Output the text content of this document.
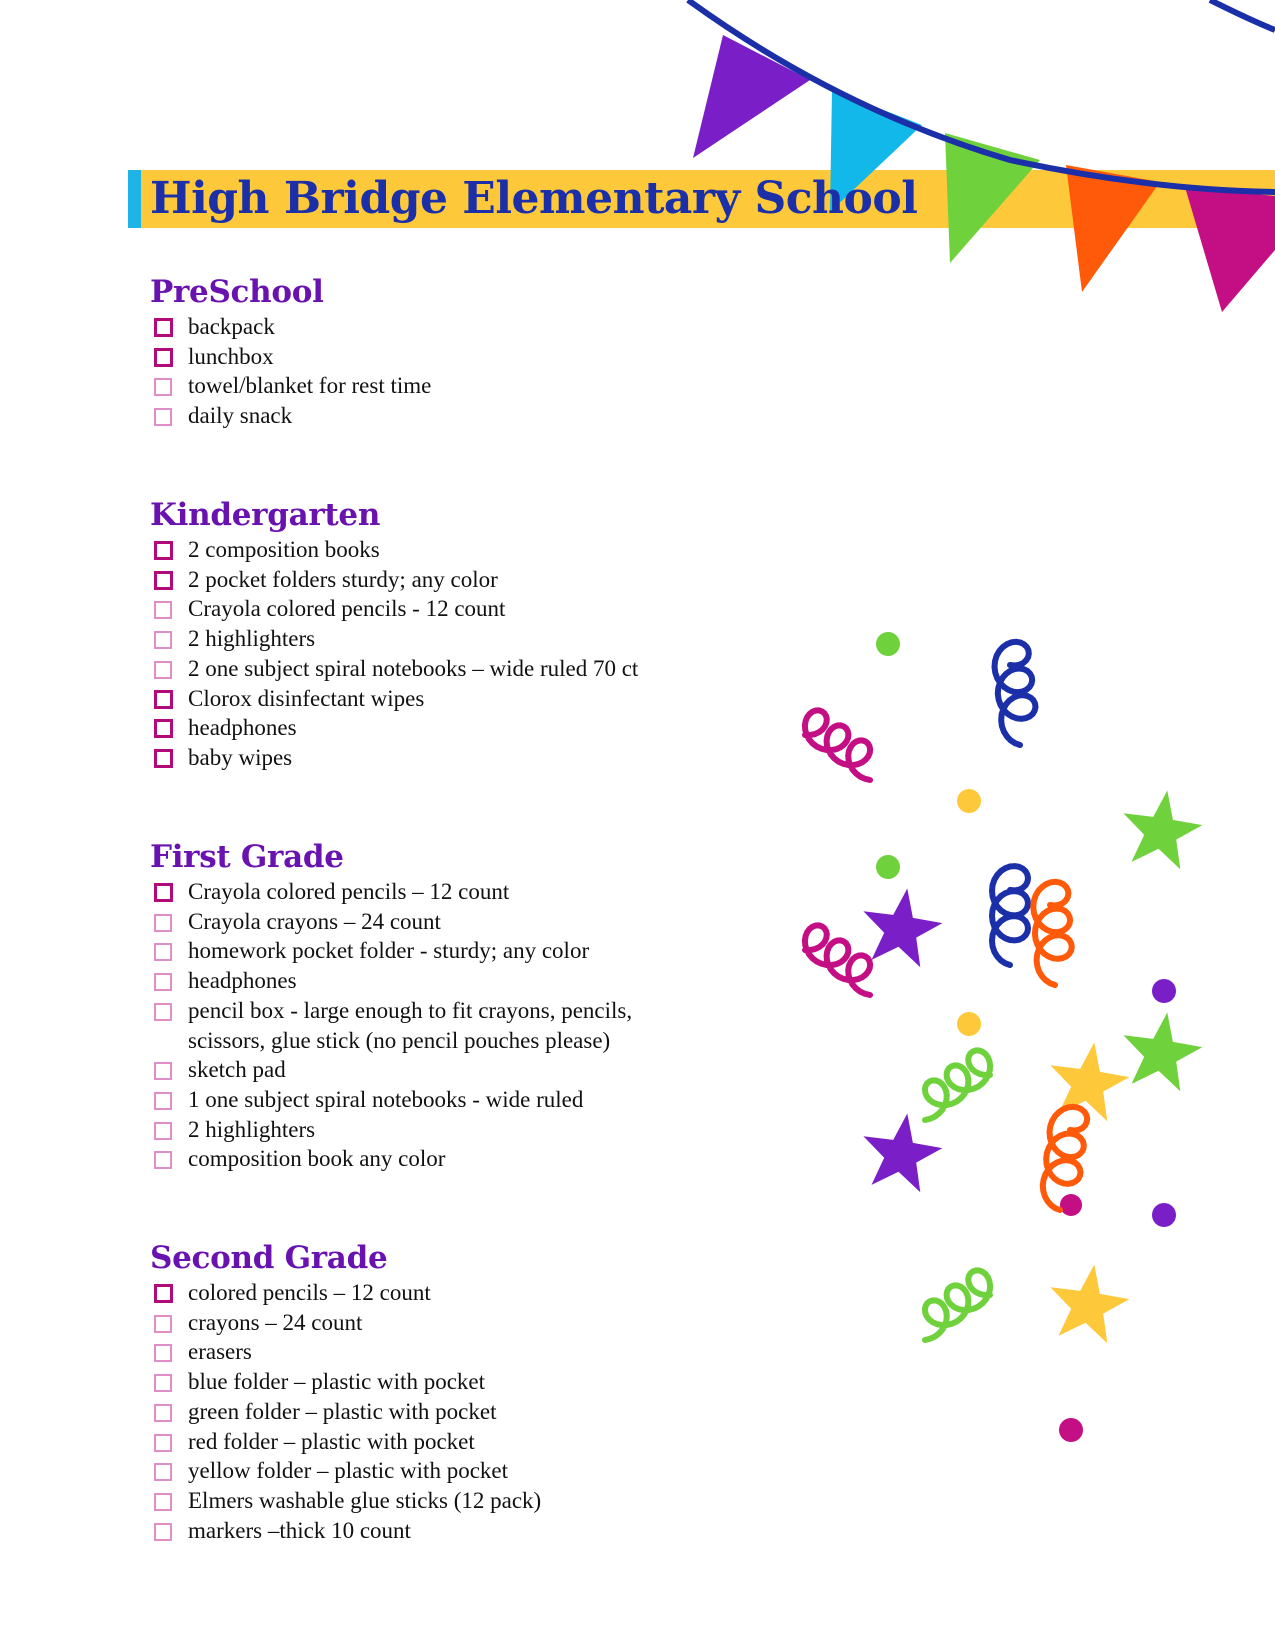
High Bridge Elementary School
PreSchool
backpack
lunchbox
towel/blanket for rest time
daily snack
Kindergarten
2 composition books
2 pocket folders sturdy; any color
Crayola colored pencils - 12 count
2 highlighters
2 one subject spiral notebooks – wide ruled 70 ct
Clorox disinfectant wipes
headphones
baby wipes
First Grade
Crayola colored pencils – 12 count
Crayola crayons – 24 count
homework pocket folder - sturdy; any color
headphones
pencil box - large enough to fit crayons, pencils,
scissors, glue stick (no pencil pouches please)
sketch pad
1 one subject spiral notebooks - wide ruled
2 highlighters
composition book any color
Second Grade
colored pencils – 12 count
crayons – 24 count
erasers
blue folder – plastic with pocket
green folder – plastic with pocket
red folder – plastic with pocket
yellow folder – plastic with pocket
Elmers washable glue sticks (12 pack)
markers –thick 10 count
